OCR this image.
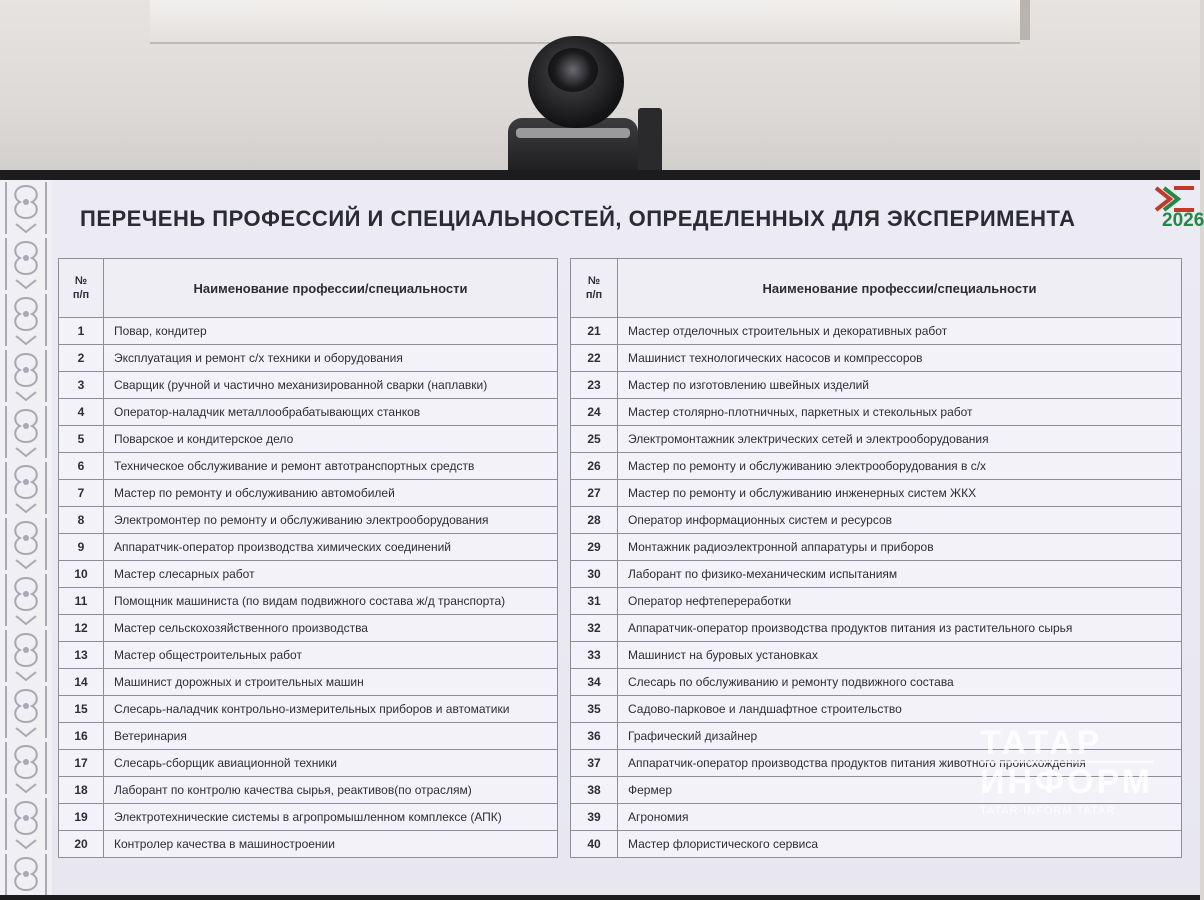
ПЕРЕЧЕНЬ ПРОФЕССИЙ И СПЕЦИАЛЬНОСТЕЙ, ОПРЕДЕЛЕННЫХ ДЛЯ ЭКСПЕРИМЕНТА	2026
№
п/п	Наименование профессии/специальности
1	Повар, кондитер
2	Эксплуатация и ремонт с/х техники и оборудования
3	Сварщик (ручной и частично механизированной сварки (наплавки)
4	Оператор-наладчик металлообрабатывающих станков
5	Поварское и кондитерское дело
6	Техническое обслуживание и ремонт автотранспортных средств
7	Мастер по ремонту и обслуживанию автомобилей
8	Электромонтер по ремонту и обслуживанию электрооборудования
9	Аппаратчик-оператор производства химических соединений
10	Мастер слесарных работ
11	Помощник машиниста (по видам подвижного состава ж/д транспорта)
12	Мастер сельскохозяйственного производства
13	Мастер общестроительных работ
14	Машинист дорожных и строительных машин
15	Слесарь-наладчик контрольно-измерительных приборов и автоматики
16	Ветеринария
17	Слесарь-сборщик авиационной техники
18	Лаборант по контролю качества сырья, реактивов(по отраслям)
19	Электротехнические системы в агропромышленном комплексе (АПК)
20	Контролер качества в машиностроении
№
п/п	Наименование профессии/специальности
21	Мастер отделочных строительных и декоративных работ
22	Машинист технологических насосов и компрессоров
23	Мастер по изготовлению швейных изделий
24	Мастер столярно-плотничных, паркетных и стекольных работ
25	Электромонтажник электрических сетей и электрооборудования
26	Мастер по ремонту и обслуживанию электрооборудования в с/х
27	Мастер по ремонту и обслуживанию инженерных систем ЖКХ
28	Оператор информационных систем и ресурсов
29	Монтажник радиоэлектронной аппаратуры и приборов
30	Лаборант по физико-механическим испытаниям
31	Оператор нефтепереработки
32	Аппаратчик-оператор производства продуктов питания из растительного сырья
33	Машинист на буровых установках
34	Слесарь по обслуживанию и ремонту подвижного состава
35	Садово-парковое и ландшафтное строительство
36	Графический дизайнер
37	Аппаратчик-оператор производства продуктов питания животного происхождения
38	Фермер
39	Агрономия
40	Мастер флористического сервиса
ТАТАР
ИНФОРМ
TATAR-INFORM.TATAR
